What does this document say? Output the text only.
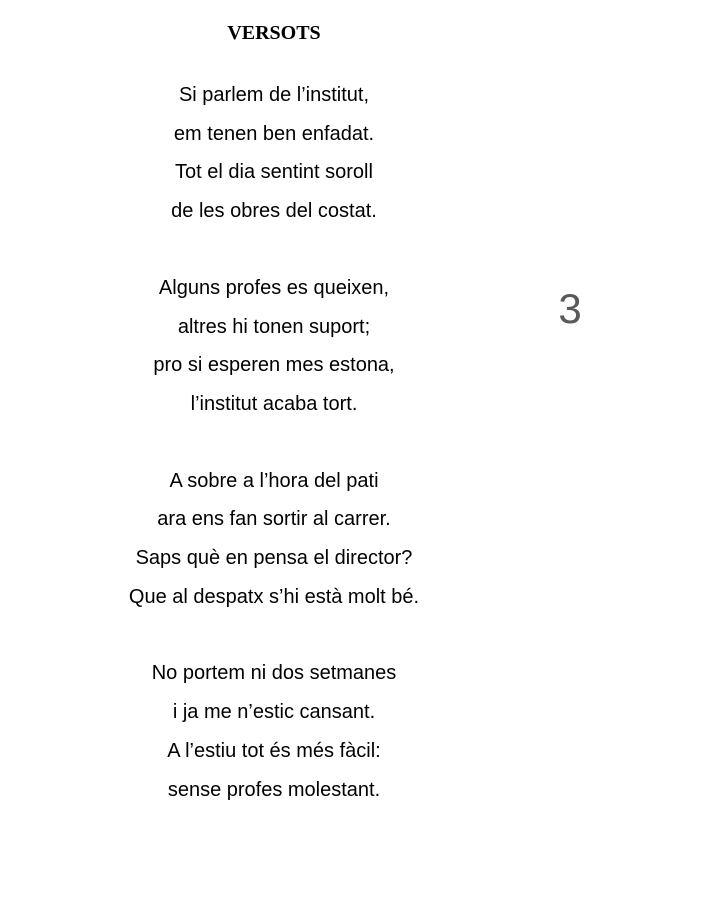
VERSOTS
Si parlem de l’institut,
em tenen ben enfadat.
Tot el dia sentint soroll
de les obres del costat.
Alguns profes es queixen,
altres hi tonen suport;
pro si esperen mes estona,
l’institut acaba tort.
A sobre a l’hora del pati
ara ens fan sortir al carrer.
Saps què en pensa el director?
Que al despatx s’hi està molt bé.
No portem ni dos setmanes
i ja me n’estic cansant.
A l’estiu tot és més fàcil:
sense profes molestant.
3
